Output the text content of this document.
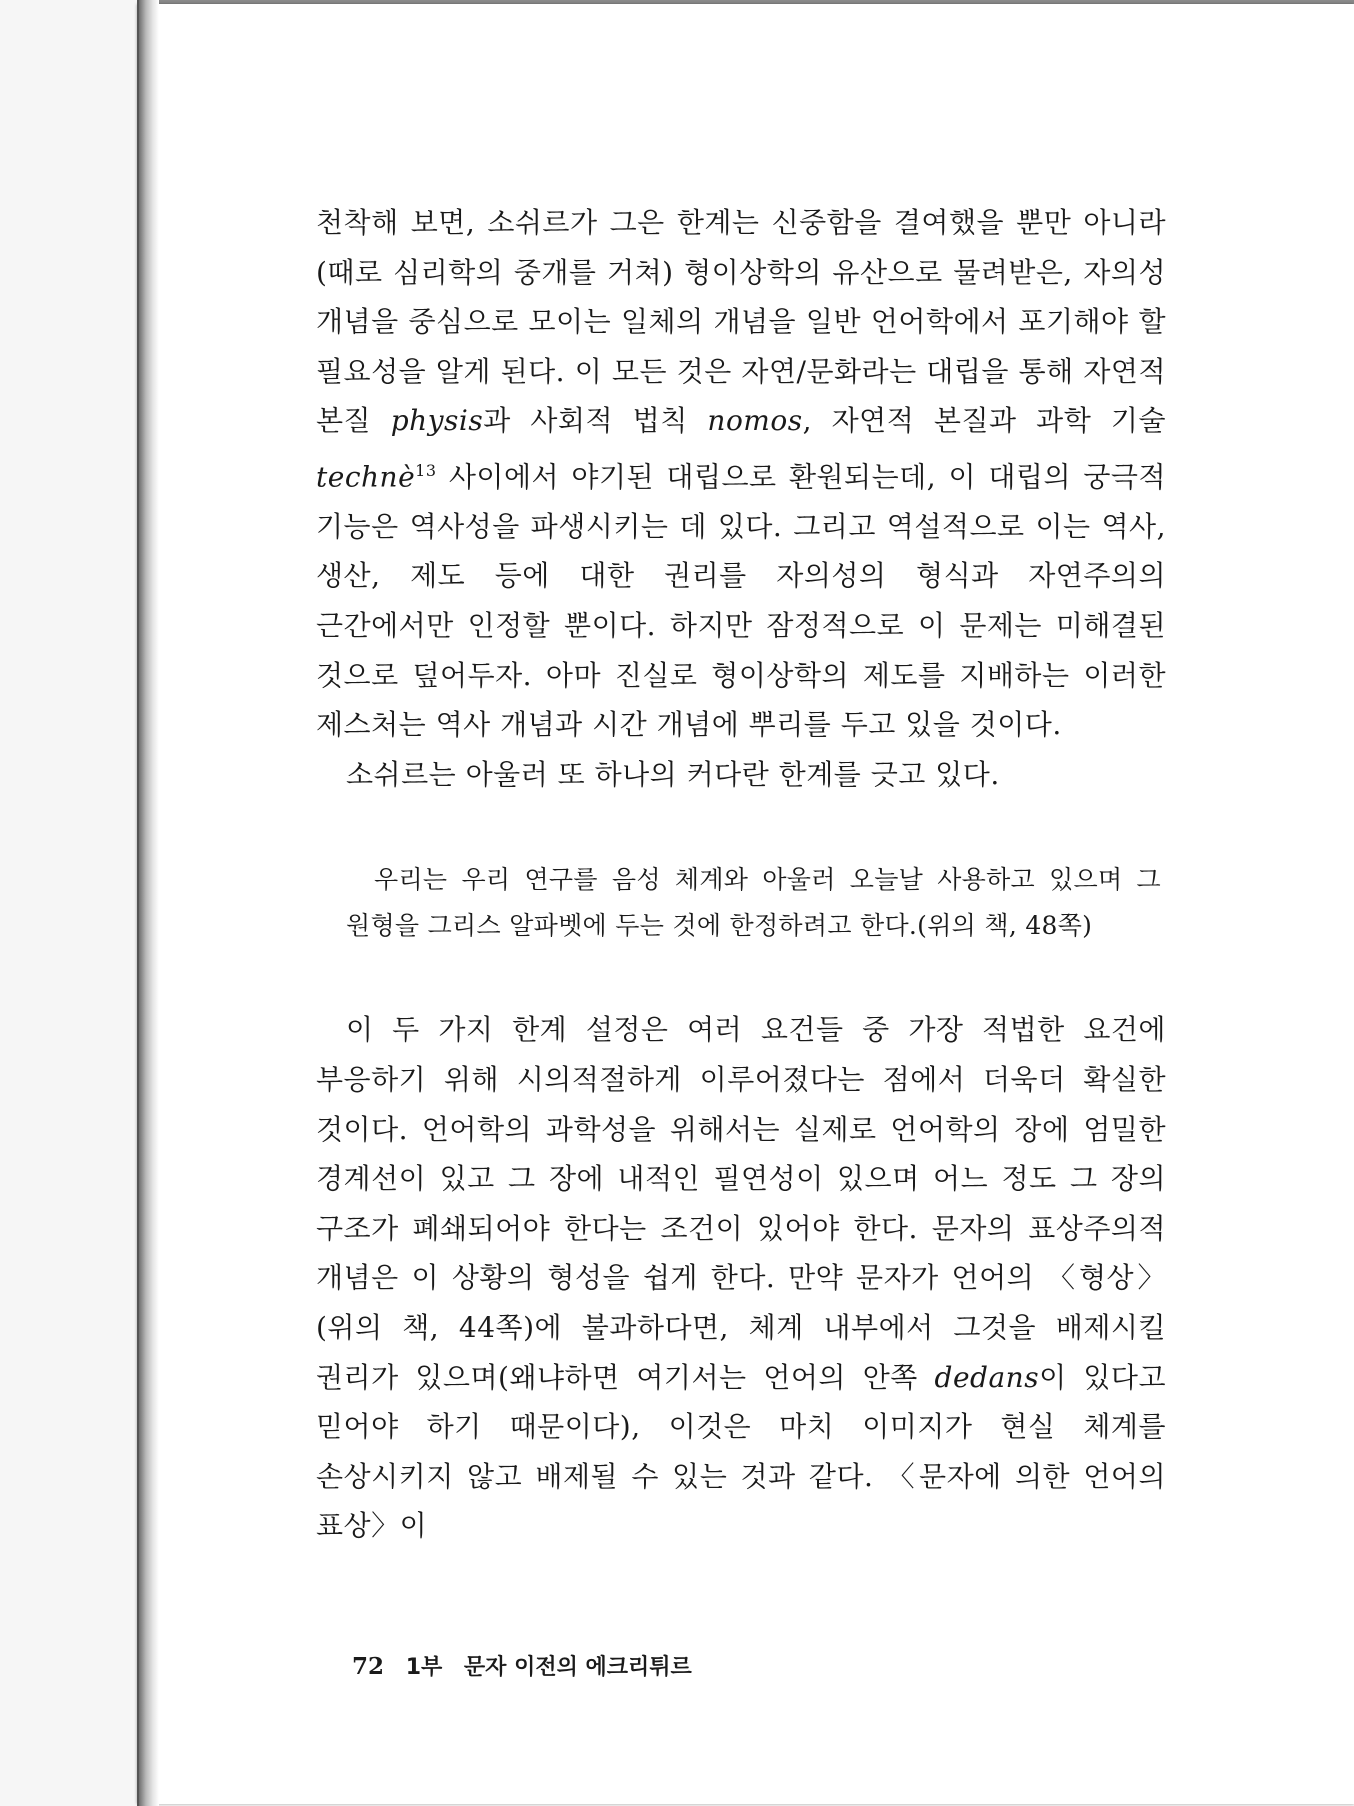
천착해 보면, 소쉬르가 그은 한계는 신중함을 결여했을 뿐만 아니라(때로 심리학의 중개를 거쳐) 형이상학의 유산으로 물려받은, 자의성 개념을 중심으로 모이는 일체의 개념을 일반 언어학에서 포기해야 할 필요성을 알게 된다. 이 모든 것은 자연/문화라는 대립을 통해 자연적 본질 physis과 사회적 법칙 nomos, 자연적 본질과 과학 기술 technè$^{13}$ 사이에서 야기된 대립으로 환원되는데, 이 대립의 궁극적 기능은 역사성을 파생시키는 데 있다. 그리고 역설적으로 이는 역사, 생산, 제도 등에 대한 권리를 자의성의 형식과 자연주의의 근간에서만 인정할 뿐이다. 하지만 잠정적으로 이 문제는 미해결된 것으로 덮어두자. 아마 진실로 형이상학의 제도를 지배하는 이러한 제스처는 역사 개념과 시간 개념에 뿌리를 두고 있을 것이다.

소쉬르는 아울러 또 하나의 커다란 한계를 긋고 있다.

우리는 우리 연구를 음성 체계와 아울러 오늘날 사용하고 있으며 그 원형을 그리스 알파벳에 두는 것에 한정하려고 한다.(위의 책, 48쪽)

이 두 가지 한계 설정은 여러 요건들 중 가장 적법한 요건에 부응하기 위해 시의적절하게 이루어졌다는 점에서 더욱더 확실한 것이다. 언어학의 과학성을 위해서는 실제로 언어학의 장에 엄밀한 경계선이 있고 그 장에 내적인 필연성이 있으며 어느 정도 그 장의 구조가 폐쇄되어야 한다는 조건이 있어야 한다. 문자의 표상주의적 개념은 이 상황의 형성을 쉽게 한다. 만약 문자가 언어의 〈형상〉(위의 책, 44쪽)에 불과하다면, 체계 내부에서 그것을 배제시킬 권리가 있으며(왜냐하면 여기서는 언어의 안쪽 dedans이 있다고 믿어야 하기 때문이다), 이것은 마치 이미지가 현실 체계를 손상시키지 않고 배제될 수 있는 것과 같다. 〈문자에 의한 언어의 표상〉이

72 1부 문자 이전의 에크리튀르
